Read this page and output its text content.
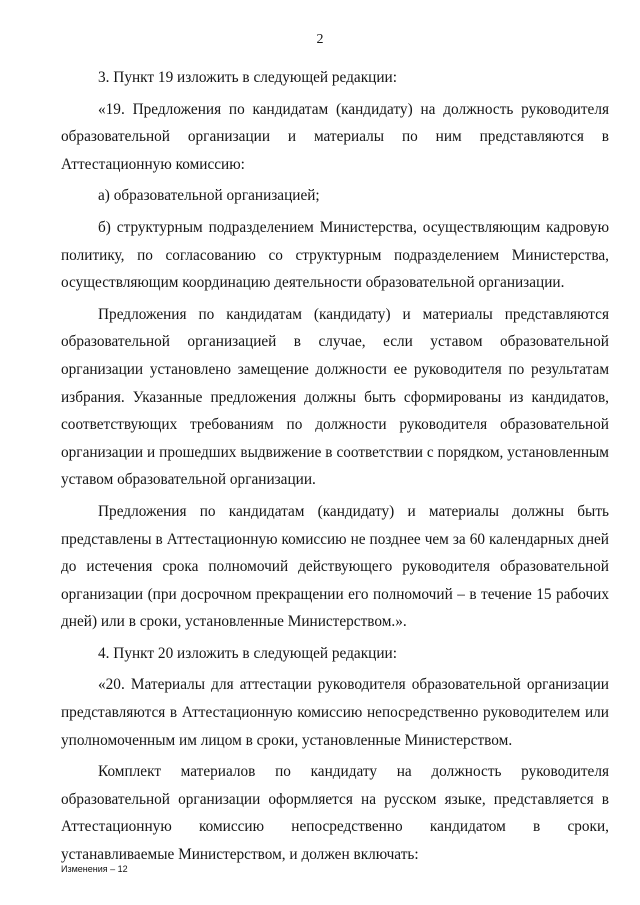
2

3. Пункт 19 изложить в следующей редакции:

«19. Предложения по кандидатам (кандидату) на должность руководителя образовательной организации и материалы по ним представляются в Аттестационную комиссию:

а) образовательной организацией;

б) структурным подразделением Министерства, осуществляющим кадровую политику, по согласованию со структурным подразделением Министерства, осуществляющим координацию деятельности образовательной организации.

Предложения по кандидатам (кандидату) и материалы представляются образовательной организацией в случае, если уставом образовательной организации установлено замещение должности ее руководителя по результатам избрания. Указанные предложения должны быть сформированы из кандидатов, соответствующих требованиям по должности руководителя образовательной организации и прошедших выдвижение в соответствии с порядком, установленным уставом образовательной организации.

Предложения по кандидатам (кандидату) и материалы должны быть представлены в Аттестационную комиссию не позднее чем за 60 календарных дней до истечения срока полномочий действующего руководителя образовательной организации (при досрочном прекращении его полномочий – в течение 15 рабочих дней) или в сроки, установленные Министерством.».

4. Пункт 20 изложить в следующей редакции:

«20. Материалы для аттестации руководителя образовательной организации представляются в Аттестационную комиссию непосредственно руководителем или уполномоченным им лицом в сроки, установленные Министерством.

Комплект материалов по кандидату на должность руководителя образовательной организации оформляется на русском языке, представляется в Аттестационную комиссию непосредственно кандидатом в сроки, устанавливаемые Министерством, и должен включать:

Изменения – 12
